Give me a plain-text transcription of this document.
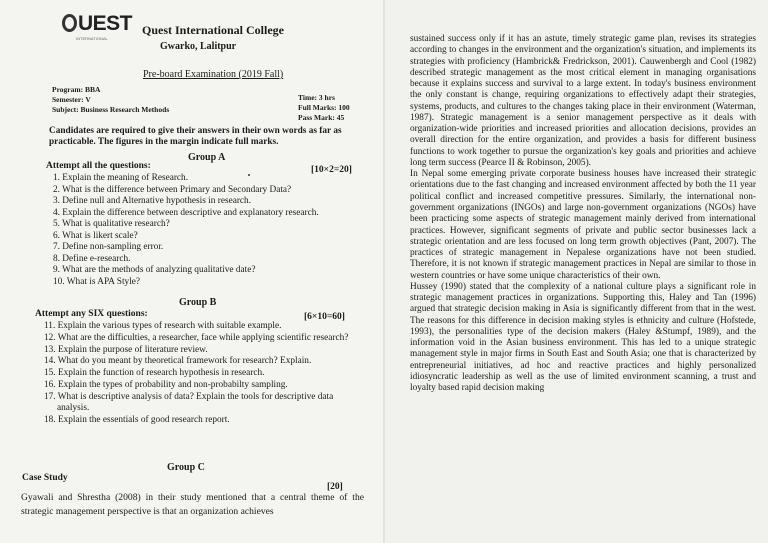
UEST
INTERNATIONAL
Quest International College
Gwarko, Lalitpur
Pre-board Examination (2019 Fall)
Program: BBA
Semester: V
Subject: Business Research Methods
Time: 3 hrs
Full Marks: 100
Pass Mark: 45
Candidates are required to give their answers in their own words as far as practicable. The figures in the margin indicate full marks.
Group A
Attempt all the questions:	[10×2=20]
1. Explain the meaning of Research.
2. What is the difference between Primary and Secondary Data?
3. Define null and Alternative hypothesis in research.
4. Explain the difference between descriptive and explanatory research.
5. What is qualitative research?
6. What is likert scale?
7. Define non-sampling error.
8. Define e-research.
9. What are the methods of analyzing qualitative date?
10. What is APA Style?
Group B
Attempt any SIX questions:	[6×10=60]
11. Explain the various types of research with suitable example.
12. What are the difficulties, a researcher, face while applying scientific research?
13. Explain the purpose of literature review.
14. What do you meant by theoretical framework for research? Explain.
15. Explain the function of research hypothesis in research.
16. Explain the types of probability and non-probabilty sampling.
17. What is descriptive analysis of data? Explain the tools for descriptive data analysis.
18. Explain the essentials of good research report.
Group C
Case Study
[20]
Gyawali and Shrestha (2008) in their study mentioned that a central theme of the strategic management perspective is that an organization achieves

sustained success only if it has an astute, timely strategic game plan, revises its strategies according to changes in the environment and the organization's situation, and implements its strategies with proficiency (Hambrick& Fredrickson, 2001). Cauwenbergh and Cool (1982) described strategic management as the most critical element in managing organisations because it explains success and survival to a large extent. In today's business environment the only constant is change, requiring organizations to effectively adapt their strategies, systems, products, and cultures to the changes taking place in their environment (Waterman, 1987). Strategic management is a senior management perspective as it deals with organization-wide priorities and increased priorities and allocation decisions, provides an overall direction for the entire organization, and provides a basis for different business functions to work together to pursue the organization's key goals and priorities and achieve long term success (Pearce II & Robinson, 2005).

In Nepal some emerging private corporate business houses have increased their strategic orientations due to the fast changing and increased environment affected by both the 11 year political conflict and increased competitive pressures. Similarly, the international non-government organizations (INGOs) and large non-government organizations (NGOs) have been practicing some aspects of strategic management mainly derived from international practices. However, significant segments of private and public sector businesses lack a strategic orientation and are less focused on long term growth objectives (Pant, 2007). The practices of strategic management in Nepalese organizations have not been studied. Therefore, it is not known if strategic management practices in Nepal are similar to those in western countries or have some unique characteristics of their own.

Hussey (1990) stated that the complexity of a national culture plays a significant role in strategic management practices in organizations. Supporting this, Haley and Tan (1996) argued that strategic decision making in Asia is significantly different from that in the west. The reasons for this difference in decision making styles is ethnicity and culture (Hofstede, 1993), the personalities type of the decision makers (Haley &Stumpf, 1989), and the information void in the Asian business environment. This has led to a unique strategic management style in major firms in South East and South Asia; one that is characterized by entrepreneurial initiatives, ad hoc and reactive practices and highly personalized idiosyncratic leadership as well as the use of limited environment scanning, a trust and loyalty based rapid decision making
